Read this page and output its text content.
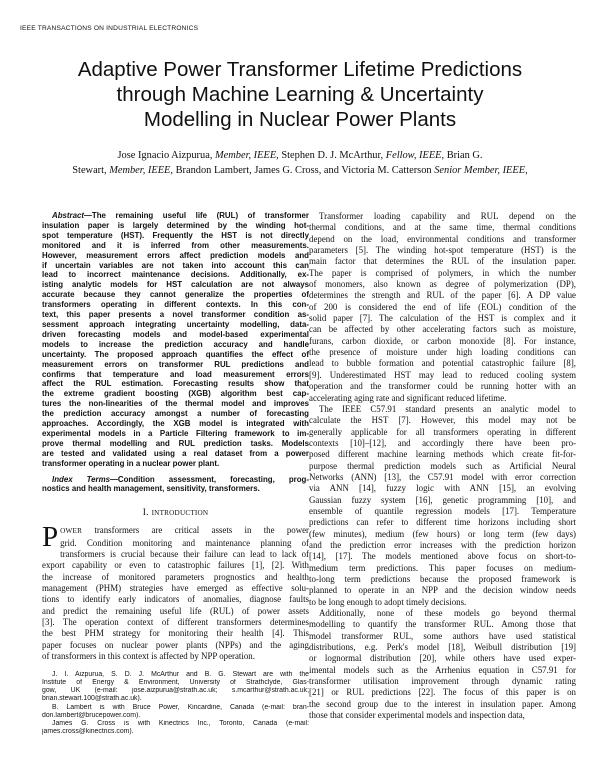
IEEE TRANSACTIONS ON INDUSTRIAL ELECTRONICS
Adaptive Power Transformer Lifetime Predictions
through Machine Learning & Uncertainty
Modelling in Nuclear Power Plants
Jose Ignacio Aizpurua, Member, IEEE, Stephen D. J. McArthur, Fellow, IEEE, Brian G.
Stewart, Member, IEEE, Brandon Lambert, James G. Cross, and Victoria M. Catterson Senior Member, IEEE,
Abstract—The remaining useful life (RUL) of transformer
insulation paper is largely determined by the winding hot-
spot temperature (HST). Frequently the HST is not directly
monitored and it is inferred from other measurements.
However, measurement errors affect prediction models and
if uncertain variables are not taken into account this can
lead to incorrect maintenance decisions. Additionally, ex-
isting analytic models for HST calculation are not always
accurate because they cannot generalize the properties of
transformers operating in different contexts. In this con-
text, this paper presents a novel transformer condition as-
sessment approach integrating uncertainty modelling, data-
driven forecasting models and model-based experimental
models to increase the prediction accuracy and handle
uncertainty. The proposed approach quantifies the effect of
measurement errors on transformer RUL predictions and
confirms that temperature and load measurement errors
affect the RUL estimation. Forecasting results show that
the extreme gradient boosting (XGB) algorithm best cap-
tures the non-linearities of the thermal model and improves
the prediction accuracy amongst a number of forecasting
approaches. Accordingly, the XGB model is integrated with
experimental models in a Particle Filtering framework to im-
prove thermal modelling and RUL prediction tasks. Models
are tested and validated using a real dataset from a power
transformer operating in a nuclear power plant.
Index Terms—Condition assessment, forecasting, prog-
nostics and health management, sensitivity, transformers.
I. INTRODUCTION
P OWER transformers are critical assets in the power
grid. Condition monitoring and maintenance planning of
transformers is crucial because their failure can lead to lack of
export capability or even to catastrophic failures [1], [2]. With
the increase of monitored parameters prognostics and health
management (PHM) strategies have emerged as effective solu-
tions to identify early indicators of anomalies, diagnose faults
and predict the remaining useful life (RUL) of power assets
[3]. The operation context of different transformers determines
the best PHM strategy for monitoring their health [4]. This
paper focuses on nuclear power plants (NPPs) and the aging
of transformers in this context is affected by NPP operation.
J. I. Aizpurua, S. D. J. McArthur and B. G. Stewart are with the
Institute of Energy & Environment, University of Strathclyde, Glas-
gow, UK (e-mail: jose.aizpurua@strath.ac.uk; s.mcarthur@strath.ac.uk;
brian.stewart.100@strath.ac.uk).
B. Lambert is with Bruce Power, Kincardine, Canada (e-mail: bran-
don.lambert@brucepower.com).
James G. Cross is with Kinectrics Inc., Toronto, Canada (e-mail:
james.cross@kinectrics.com).
Transformer loading capability and RUL depend on the
thermal conditions, and at the same time, thermal conditions
depend on the load, environmental conditions and transformer
parameters [5]. The winding hot-spot temperature (HST) is the
main factor that determines the RUL of the insulation paper.
The paper is comprised of polymers, in which the number
of monomers, also known as degree of polymerization (DP),
determines the strength and RUL of the paper [6]. A DP value
of 200 is considered the end of life (EOL) condition of the
solid paper [7]. The calculation of the HST is complex and it
can be affected by other accelerating factors such as moisture,
furans, carbon dioxide, or carbon monoxide [8]. For instance,
the presence of moisture under high loading conditions can
lead to bubble formation and potential catastrophic failure [8],
[9]. Underestimated HST may lead to reduced cooling system
operation and the transformer could be running hotter with an
accelerating aging rate and significant reduced lifetime.
The IEEE C57.91 standard presents an analytic model to
calculate the HST [7]. However, this model may not be
generally applicable for all transformers operating in different
contexts [10]–[12], and accordingly there have been pro-
posed different machine learning methods which create fit-for-
purpose thermal prediction models such as Artificial Neural
Networks (ANN) [13], the C57.91 model with error correction
via ANN [14], fuzzy logic with ANN [15], an evolving
Gaussian fuzzy system [16], genetic programming [10], and
ensemble of quantile regression models [17]. Temperature
predictions can refer to different time horizons including short
(few minutes), medium (few hours) or long term (few days)
and the prediction error increases with the prediction horizon
[14], [17]. The models mentioned above focus on short-to-
medium term predictions. This paper focuses on medium-
to-long term predictions because the proposed framework is
planned to operate in an NPP and the decision window needs
to be long enough to adopt timely decisions.
Additionally, none of these models go beyond thermal
modelling to quantify the transformer RUL. Among those that
model transformer RUL, some authors have used statistical
distributions, e.g. Perk's model [18], Weibull distribution [19]
or lognormal distribution [20], while others have used exper-
imental models such as the Arrhenius equation in C57.91 for
transformer utilisation improvement through dynamic rating
[21] or RUL predictions [22]. The focus of this paper is on
the second group due to the interest in insulation paper. Among
those that consider experimental models and inspection data,
